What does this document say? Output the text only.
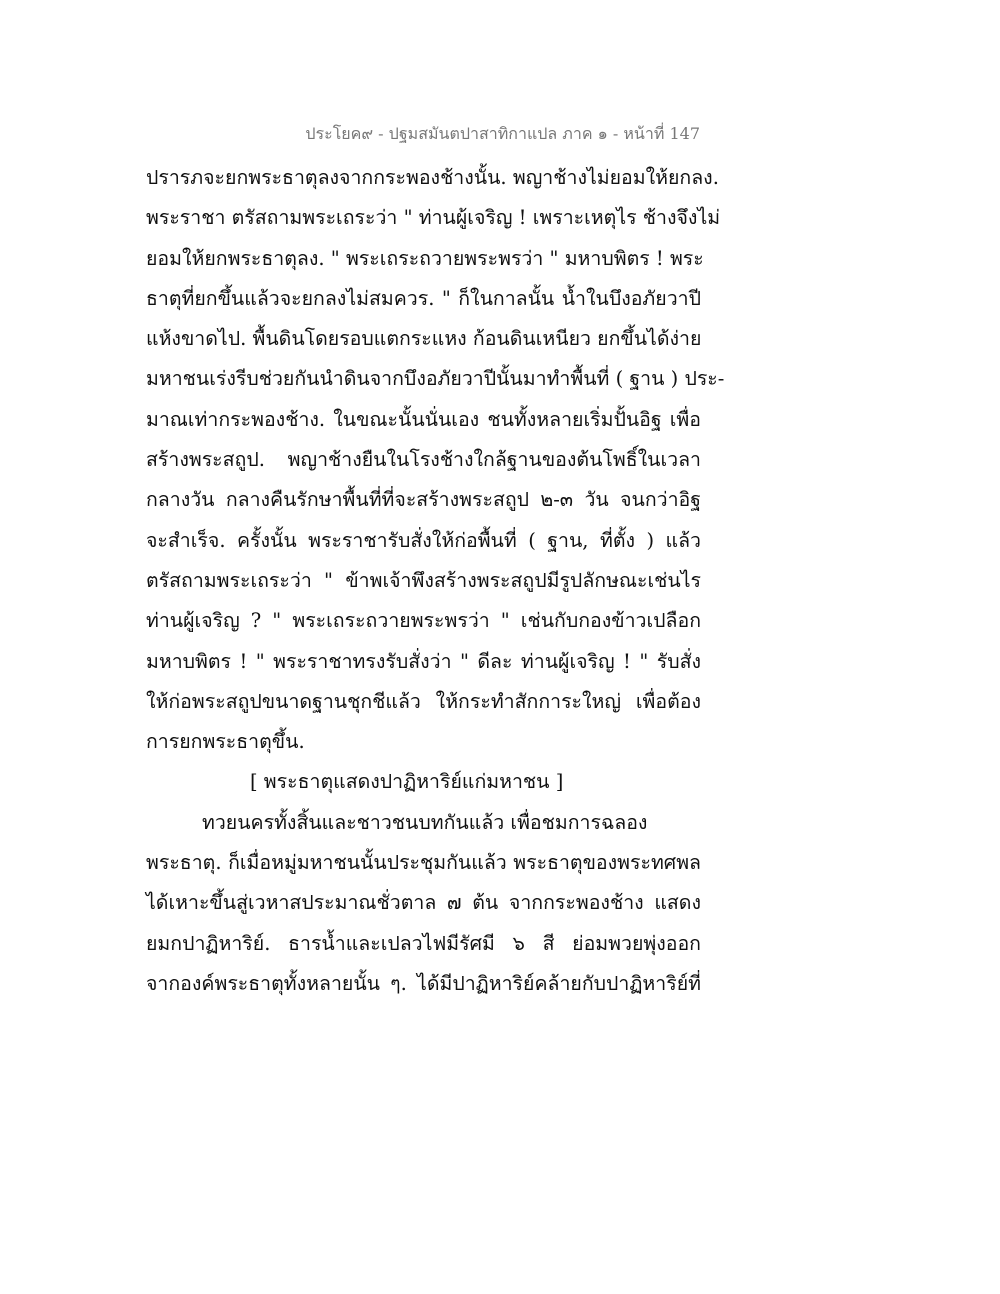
ประโยค๙ - ปฐมสมันตปาสาทิกาแปล ภาค ๑ - หน้าที่ 147
ปรารภจะยกพระธาตุลงจากกระพองช้างนั้น. พญาช้างไม่ยอมให้ยกลง.
พระราชา ตรัสถามพระเถระว่า " ท่านผู้เจริญ ! เพราะเหตุไร ช้างจึงไม่
ยอมให้ยกพระธาตุลง. " พระเถระถวายพระพรว่า " มหาบพิตร ! พระ
ธาตุที่ยกขึ้นแล้วจะยกลงไม่สมควร. " ก็ในกาลนั้น น้ำในบึงอภัยวาปี
แห้งขาดไป. พื้นดินโดยรอบแตกระแหง ก้อนดินเหนียว ยกขึ้นได้ง่าย
มหาชนเร่งรีบช่วยกันนำดินจากบึงอภัยวาปีนั้นมาทำพื้นที่ ( ฐาน ) ประ-
มาณเท่ากระพองช้าง. ในขณะนั้นนั่นเอง ชนทั้งหลายเริ่มปั้นอิฐ เพื่อ
สร้างพระสถูป. พญาช้างยืนในโรงช้างใกล้ฐานของต้นโพธิ์ในเวลา
กลางวัน กลางคืนรักษาพื้นที่ที่จะสร้างพระสถูป ๒-๓ วัน จนกว่าอิฐ
จะสำเร็จ. ครั้งนั้น พระราชารับสั่งให้ก่อพื้นที่ ( ฐาน, ที่ตั้ง ) แล้ว
ตรัสถามพระเถระว่า " ข้าพเจ้าพึงสร้างพระสถูปมีรูปลักษณะเช่นไร
ท่านผู้เจริญ ? " พระเถระถวายพระพรว่า " เช่นกับกองข้าวเปลือก
มหาบพิตร ! " พระราชาทรงรับสั่งว่า " ดีละ ท่านผู้เจริญ ! " รับสั่ง
ให้ก่อพระสถูปขนาดฐานชุกชีแล้ว ให้กระทำสักการะใหญ่ เพื่อต้อง
การยกพระธาตุขึ้น.
[ พระธาตุแสดงปาฏิหาริย์แก่มหาชน ]
ทวยนครทั้งสิ้นและชาวชนบทกันแล้ว เพื่อชมการฉลอง
พระธาตุ. ก็เมื่อหมู่มหาชนนั้นประชุมกันแล้ว พระธาตุของพระทศพล
ได้เหาะขึ้นสู่เวหาสประมาณชั่วตาล ๗ ต้น จากกระพองช้าง แสดง
ยมกปาฏิหาริย์. ธารน้ำและเปลวไฟมีรัศมี ๖ สี ย่อมพวยพุ่งออก
จากองค์พระธาตุทั้งหลายนั้น ๆ. ได้มีปาฏิหาริย์คล้ายกับปาฏิหาริย์ที่
